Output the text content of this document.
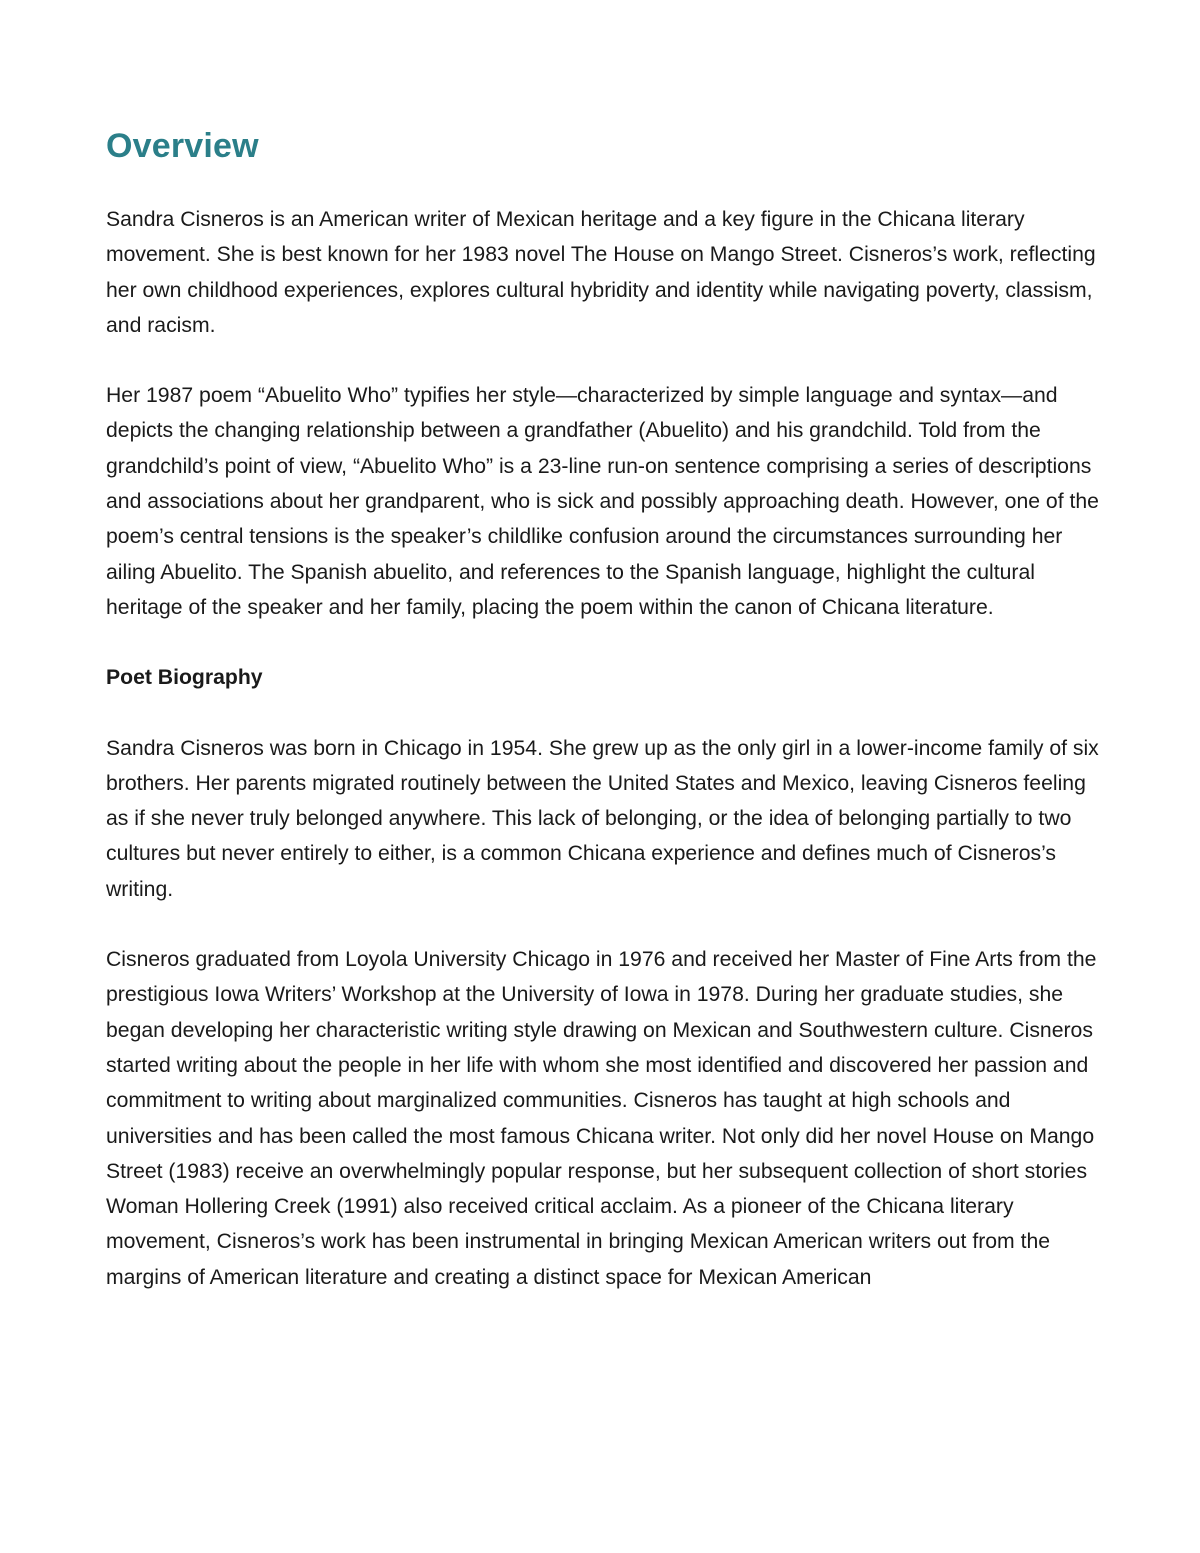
Overview

Sandra Cisneros is an American writer of Mexican heritage and a key figure in the Chicana literary movement. She is best known for her 1983 novel The House on Mango Street. Cisneros’s work, reflecting her own childhood experiences, explores cultural hybridity and identity while navigating poverty, classism, and racism.

Her 1987 poem “Abuelito Who” typifies her style—characterized by simple language and syntax—and depicts the changing relationship between a grandfather (Abuelito) and his grandchild. Told from the grandchild’s point of view, “Abuelito Who” is a 23-line run-on sentence comprising a series of descriptions and associations about her grandparent, who is sick and possibly approaching death. However, one of the poem’s central tensions is the speaker’s childlike confusion around the circumstances surrounding her ailing Abuelito. The Spanish abuelito, and references to the Spanish language, highlight the cultural heritage of the speaker and her family, placing the poem within the canon of Chicana literature.

Poet Biography

Sandra Cisneros was born in Chicago in 1954. She grew up as the only girl in a lower-income family of six brothers. Her parents migrated routinely between the United States and Mexico, leaving Cisneros feeling as if she never truly belonged anywhere. This lack of belonging, or the idea of belonging partially to two cultures but never entirely to either, is a common Chicana experience and defines much of Cisneros’s writing.

Cisneros graduated from Loyola University Chicago in 1976 and received her Master of Fine Arts from the prestigious Iowa Writers’ Workshop at the University of Iowa in 1978. During her graduate studies, she began developing her characteristic writing style drawing on Mexican and Southwestern culture. Cisneros started writing about the people in her life with whom she most identified and discovered her passion and commitment to writing about marginalized communities. Cisneros has taught at high schools and universities and has been called the most famous Chicana writer. Not only did her novel House on Mango Street (1983) receive an overwhelmingly popular response, but her subsequent collection of short stories Woman Hollering Creek (1991) also received critical acclaim. As a pioneer of the Chicana literary movement, Cisneros’s work has been instrumental in bringing Mexican American writers out from the margins of American literature and creating a distinct space for Mexican American
